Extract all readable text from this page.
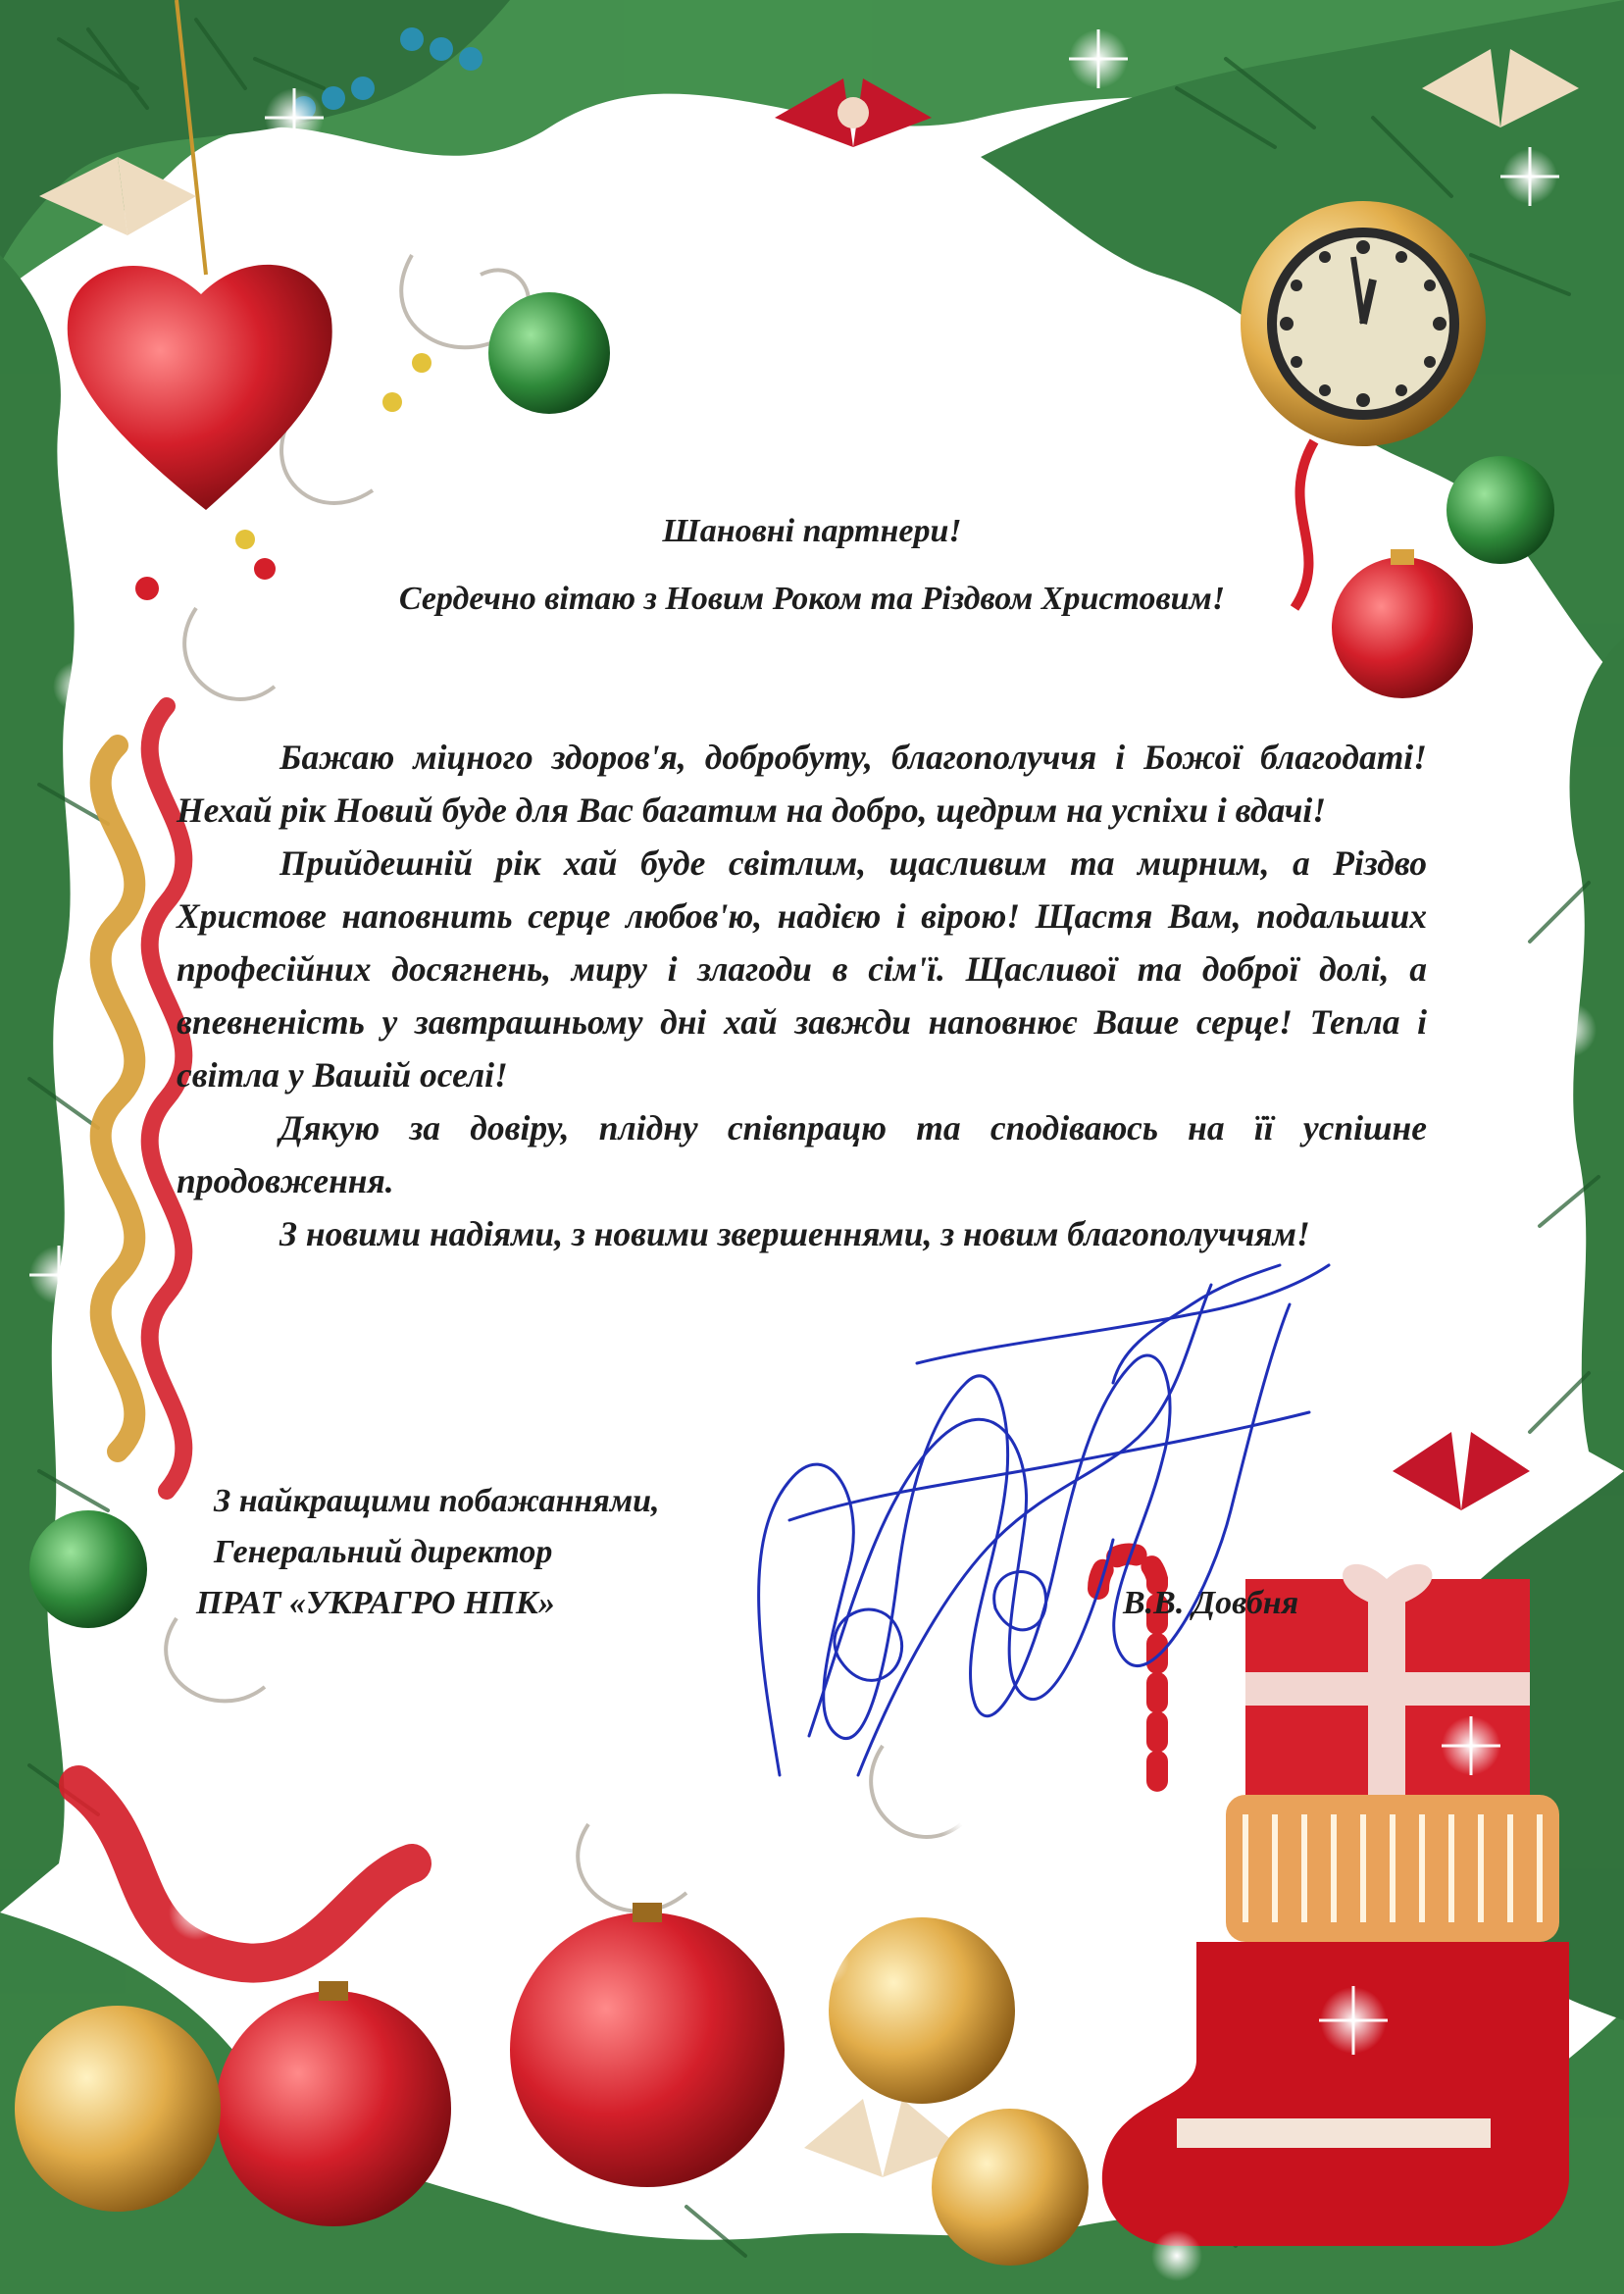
Шановні партнери!
Сердечно вітаю з Новим Роком та Різдвом Христовим!

Бажаю міцного здоров'я, добробуту, благополуччя і Божої благодаті! Нехай рік Новий буде для Вас багатим на добро, щедрим на успіхи і вдачі!

Прийдешній рік хай буде світлим, щасливим та мирним, а Різдво Христове наповнить серце любов'ю, надією і вірою! Щастя Вам, подальших професійних досягнень, миру і злагоди в сім'ї. Щасливої та доброї долі, а впевненість у завтрашньому дні хай завжди наповнює Ваше серце! Тепла і світла у Вашій оселі!

Дякую за довіру, плідну співпрацю та сподіваюсь на її успішне продовження.

З новими надіями, з новими звершеннями, з новим благополуччям!

З найкращими побажаннями,
Генеральний директор
ПРАТ «УКРАГРО НПК»	В.В. Довбня
